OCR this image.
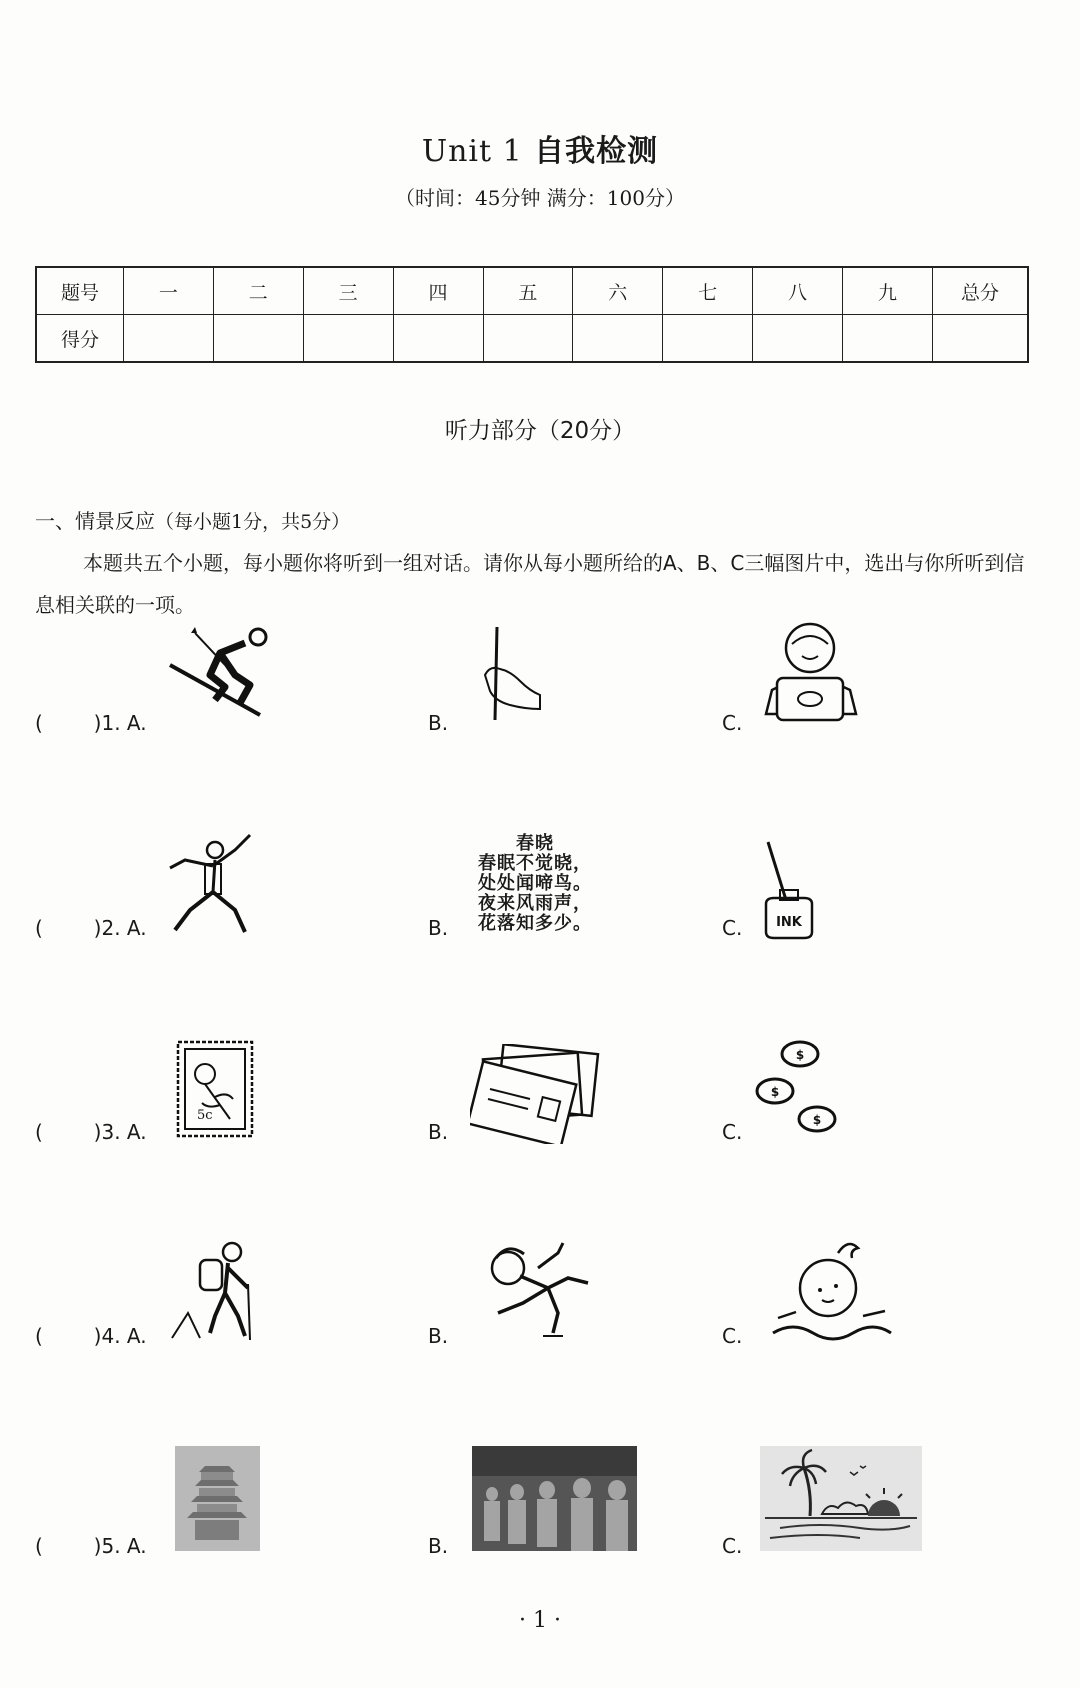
Unit 1 自我检测
（时间：45分钟 满分：100分）
题号	一	二	三	四	五	六	七	八	九	总分
得分										
听力部分（20分）
一、情景反应（每小题1分，共5分）
本题共五个小题，每小题你将听到一组对话。请你从每小题所给的A、B、C三幅图片中，选出与你所听到信息相关联的一项。
(        )1. A.	B.	C.
(        )2. A.	B.
春晓
春眠不觉晓，
处处闻啼鸟。
夜来风雨声，
花落知多少。	C.	INK
(        )3. A.
5c
B.	C.
$
$
$
(        )4. A.	B.	C.
(        )5. A.	B.	C.
· 1 ·
